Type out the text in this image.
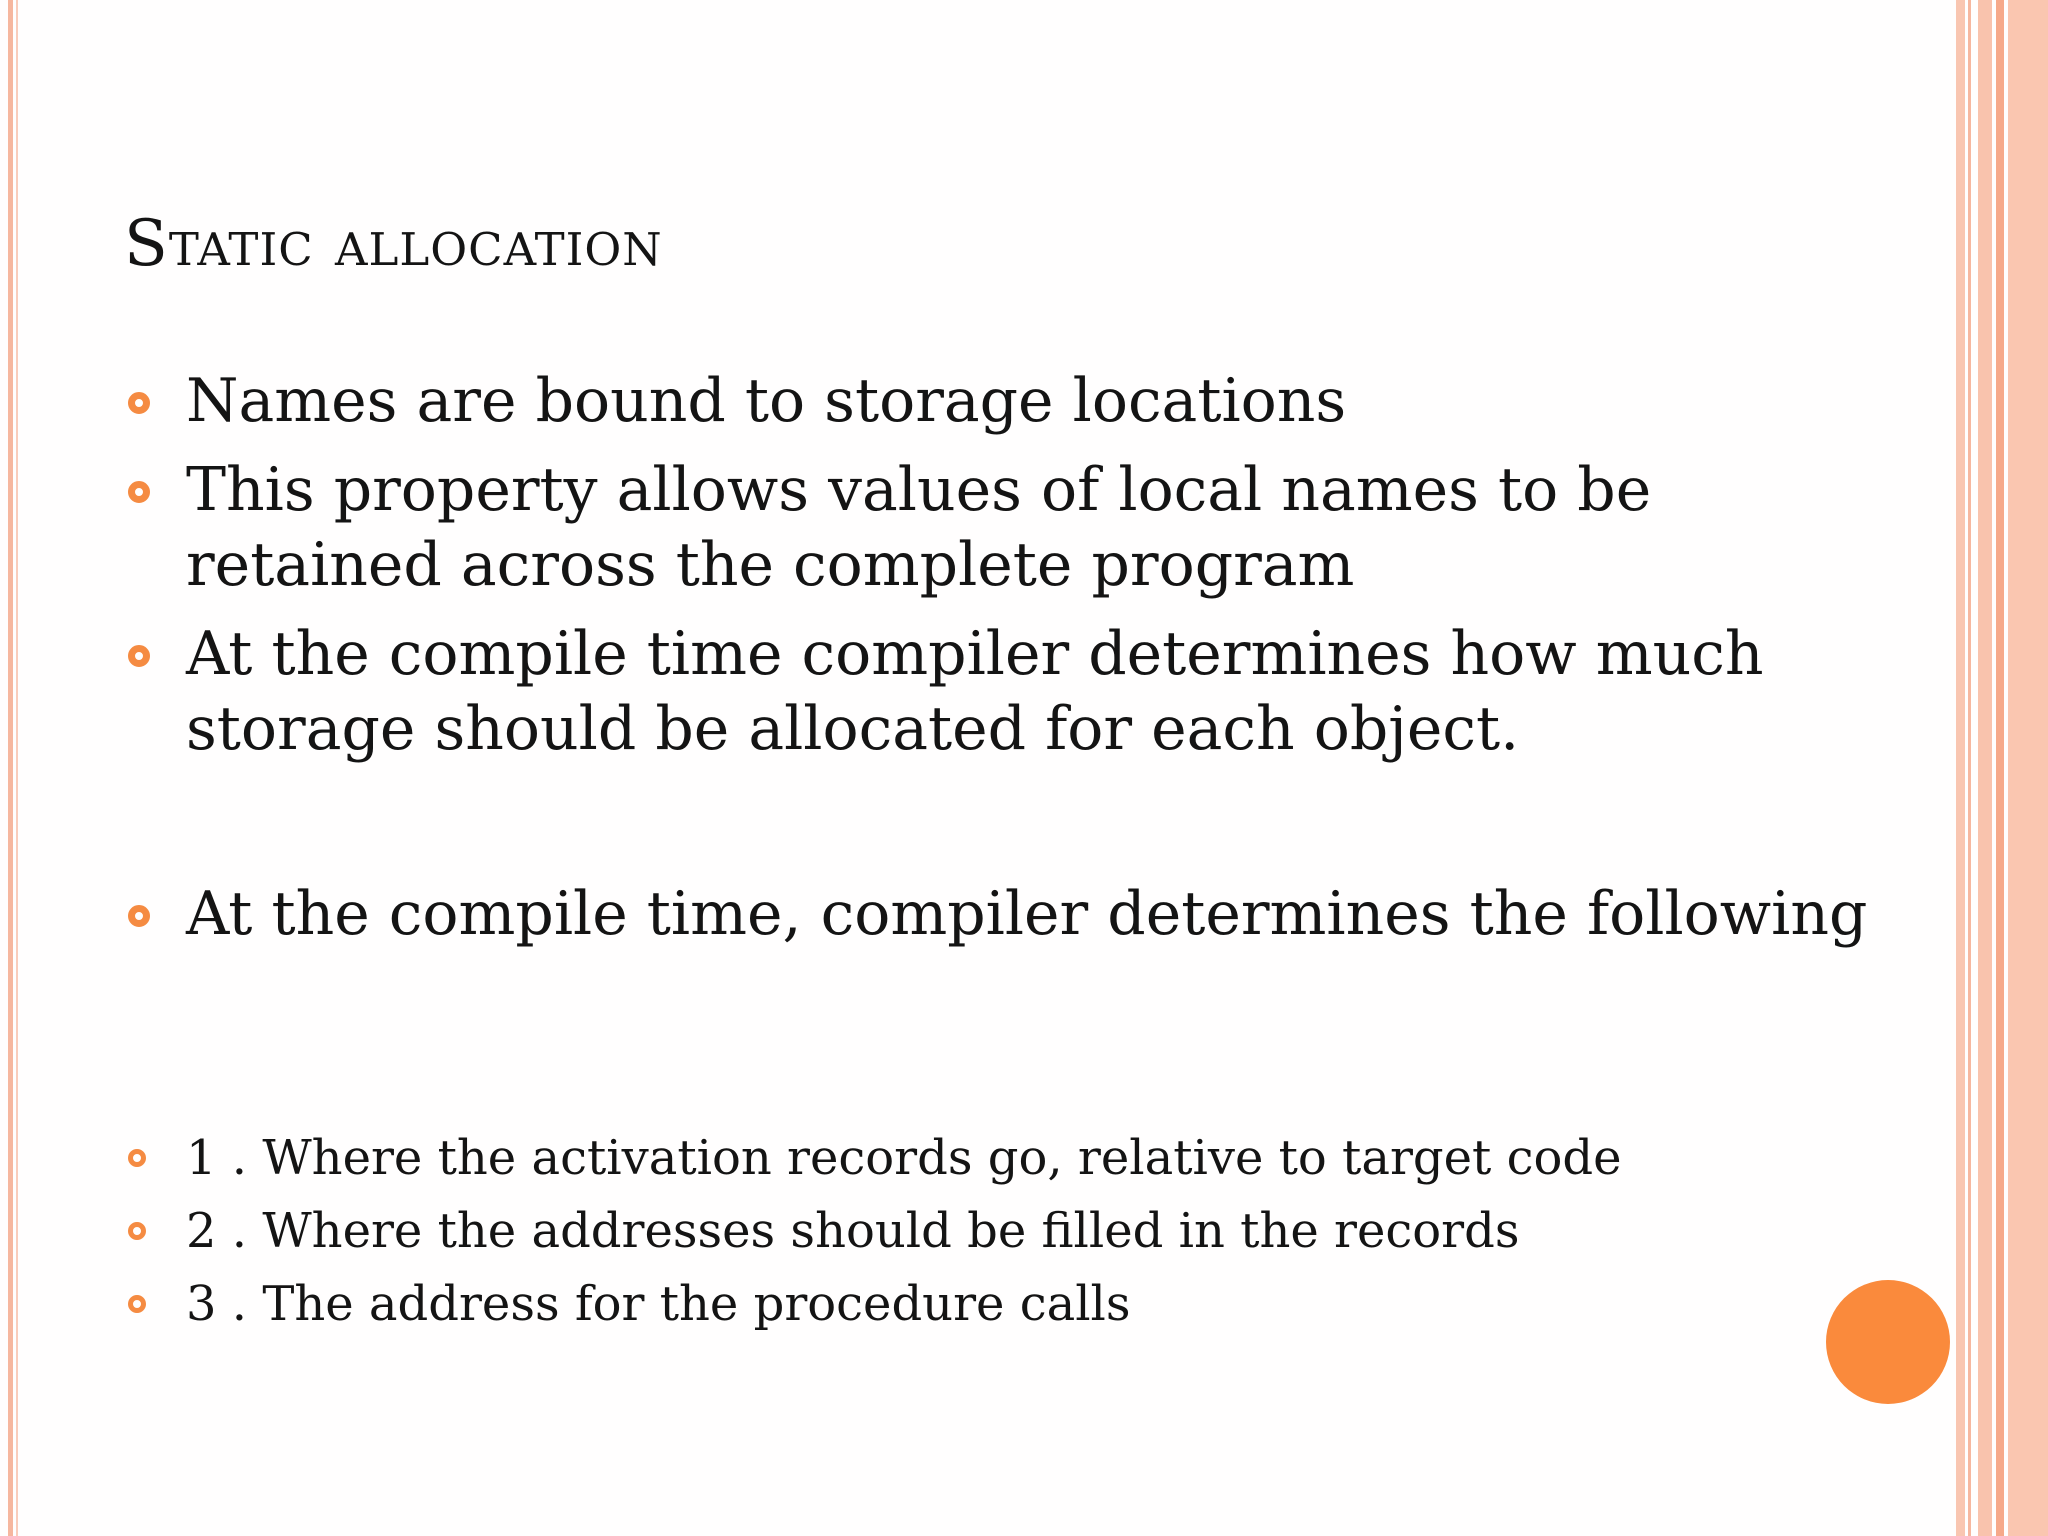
Static allocation
Names are bound to storage locations
This property allows values of local names to be retained across the complete program
At the compile time compiler determines how much storage should be allocated for each object.
At the compile time, compiler determines the following
1 . Where the activation records go, relative to target code
2 . Where the addresses should be filled in the records
3 . The address for the procedure calls
